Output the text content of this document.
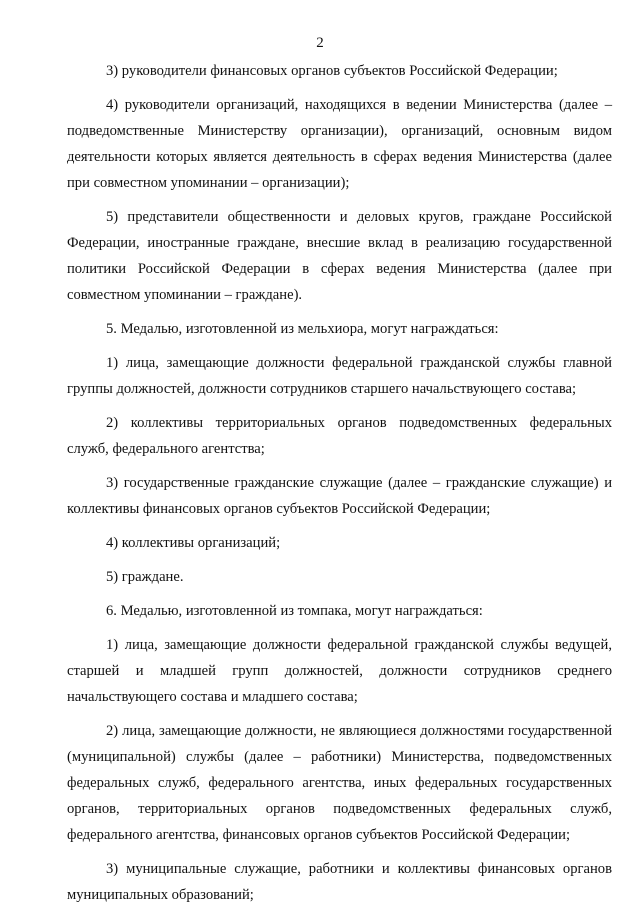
2

3) руководители финансовых органов субъектов Российской Федерации;

4) руководители организаций, находящихся в ведении Министерства (далее – подведомственные Министерству организации), организаций, основным видом деятельности которых является деятельность в сферах ведения Министерства (далее при совместном упоминании – организации);

5) представители общественности и деловых кругов, граждане Российской Федерации, иностранные граждане, внесшие вклад в реализацию государственной политики Российской Федерации в сферах ведения Министерства (далее при совместном упоминании – граждане).

5. Медалью, изготовленной из мельхиора, могут награждаться:

1) лица, замещающие должности федеральной гражданской службы главной группы должностей, должности сотрудников старшего начальствующего состава;

2) коллективы территориальных органов подведомственных федеральных служб, федерального агентства;

3) государственные гражданские служащие (далее – гражданские служащие) и коллективы финансовых органов субъектов Российской Федерации;

4) коллективы организаций;

5) граждане.

6. Медалью, изготовленной из томпака, могут награждаться:

1) лица, замещающие должности федеральной гражданской службы ведущей, старшей и младшей групп должностей, должности сотрудников среднего начальствующего состава и младшего состава;

2) лица, замещающие должности, не являющиеся должностями государственной (муниципальной) службы (далее – работники) Министерства, подведомственных федеральных служб, федерального агентства, иных федеральных государственных органов, территориальных органов подведомственных федеральных служб, федерального агентства, финансовых органов субъектов Российской Федерации;

3) муниципальные служащие, работники и коллективы финансовых органов муниципальных образований;
